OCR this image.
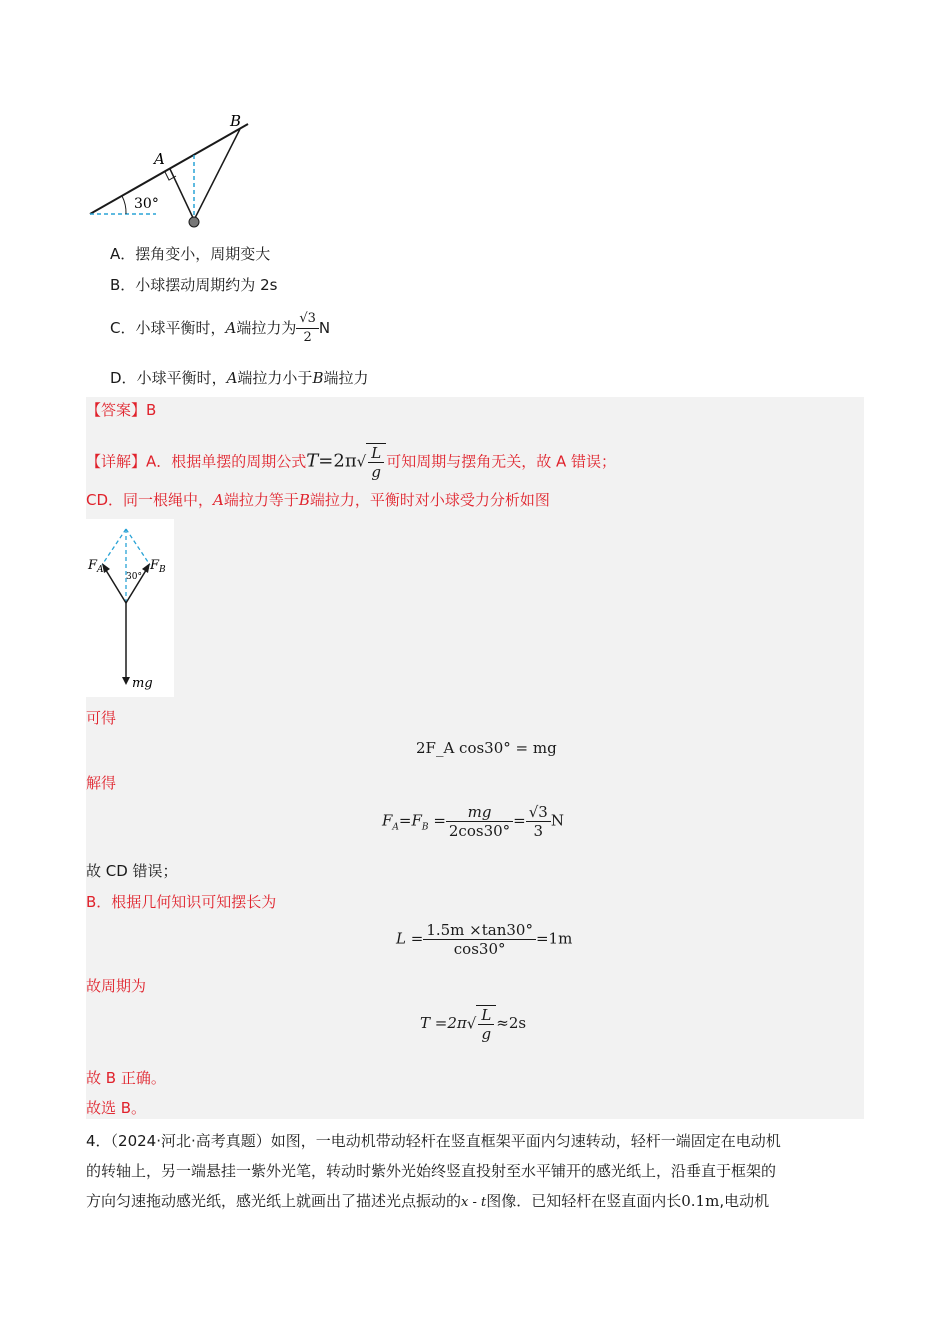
B
A
30°
A．摆角变小，周期变大
B．小球摆动周期约为 2s
C．小球平衡时，A端拉力为 $\frac{√3}{2}$ N
D．小球平衡时，A端拉力小于B端拉力
【答案】B
【详解】A．根据单摆的周期公式$T=2\pi√ \frac{L}{g}$ 可知周期与摆角无关，故 A 错误；
CD．同一根绳中，A端拉力等于B端拉力，平衡时对小球受力分析如图
$F_A$	$F_B$
30°
mg
可得
2F_A cos30° = mg
解得
$F_A=F_B = \frac{mg}{2\cos 30^\circ} = \frac{√3}{3}$ N
故 CD 错误；
B．根据几何知识可知摆长为
$L = \frac{1.5m \times\tan 30^\circ}{\cos 30^\circ} =1m$
故周期为
$T =2\pi√ \frac{L}{g} \approx 2s$
故 B 正确。
故选 B。
4．（2024·河北·高考真题）如图，一电动机带动轻杆在竖直框架平面内匀速转动，轻杆一端固定在电动机
的转轴上，另一端悬挂一紫外光笔，转动时紫外光始终竖直投射至水平铺开的感光纸上，沿垂直于框架的
方向匀速拖动感光纸，感光纸上就画出了描述光点振动的x - t图像．已知轻杆在竖直面内长0.1m,电动机
